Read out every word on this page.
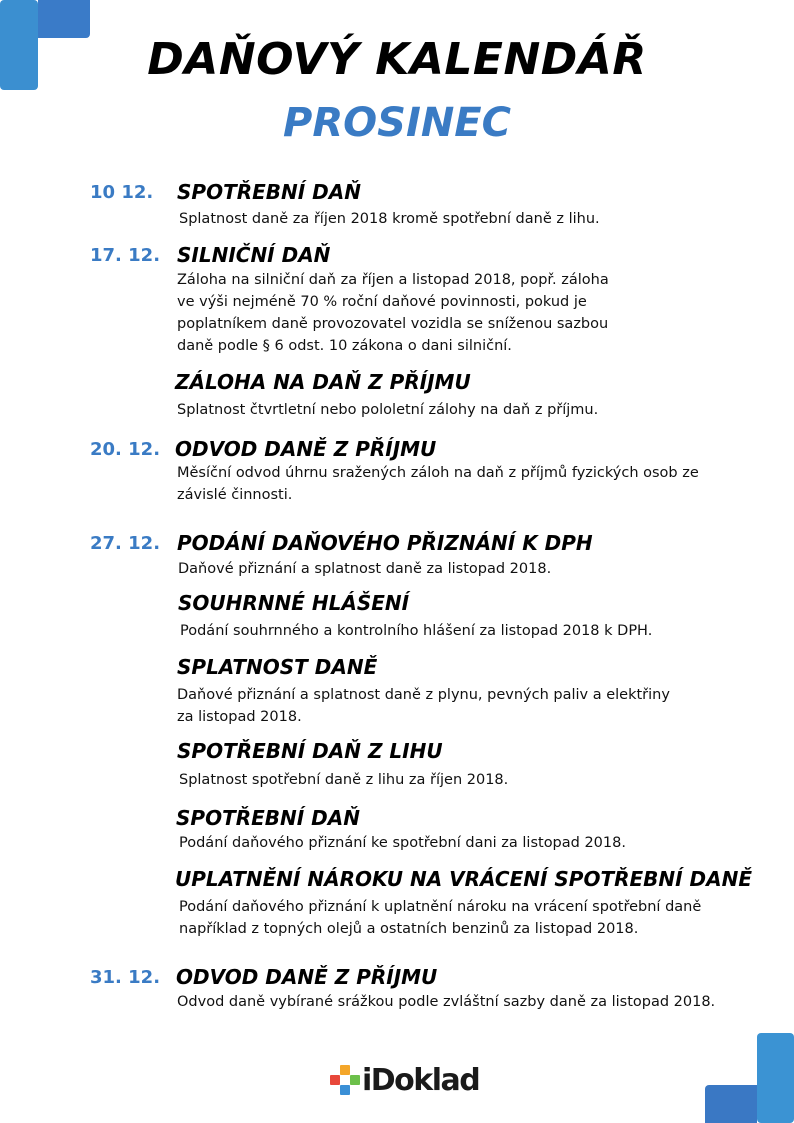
DAŇOVÝ KALENDÁŘ
PROSINEC
10 12. SPOTŘEBNÍ DAŇ
Splatnost daně za říjen 2018 kromě spotřební daně z lihu.
17. 12. SILNIČNÍ DAŇ
Záloha na silniční daň za říjen a listopad 2018, popř. záloha
ve výši nejméně 70 % roční daňové povinnosti, pokud je
poplatníkem daně provozovatel vozidla se sníženou sazbou
daně podle § 6 odst. 10 zákona o dani silniční.
ZÁLOHA NA DAŇ Z PŘÍJMU
Splatnost čtvrtletní nebo pololetní zálohy na daň z příjmu.
20. 12. ODVOD DANĚ Z PŘÍJMU
Měsíční odvod úhrnu sražených záloh na daň z příjmů fyzických osob ze
závislé činnosti.
27. 12. PODÁNÍ DAŇOVÉHO PŘIZNÁNÍ K DPH
Daňové přiznání a splatnost daně za listopad 2018.
SOUHRNNÉ HLÁŠENÍ
Podání souhrnného a kontrolního hlášení za listopad 2018 k DPH.
SPLATNOST DANĚ
Daňové přiznání a splatnost daně z plynu, pevných paliv a elektřiny
za listopad 2018.
SPOTŘEBNÍ DAŇ Z LIHU
Splatnost spotřební daně z lihu za říjen 2018.
SPOTŘEBNÍ DAŇ
Podání daňového přiznání ke spotřební dani za listopad 2018.
UPLATNĚNÍ NÁROKU NA VRÁCENÍ SPOTŘEBNÍ DANĚ
Podání daňového přiznání k uplatnění nároku na vrácení spotřební daně
například z topných olejů a ostatních benzinů za listopad 2018.
31. 12. ODVOD DANĚ Z PŘÍJMU
Odvod daně vybírané srážkou podle zvláštní sazby daně za listopad 2018.
iDoklad
